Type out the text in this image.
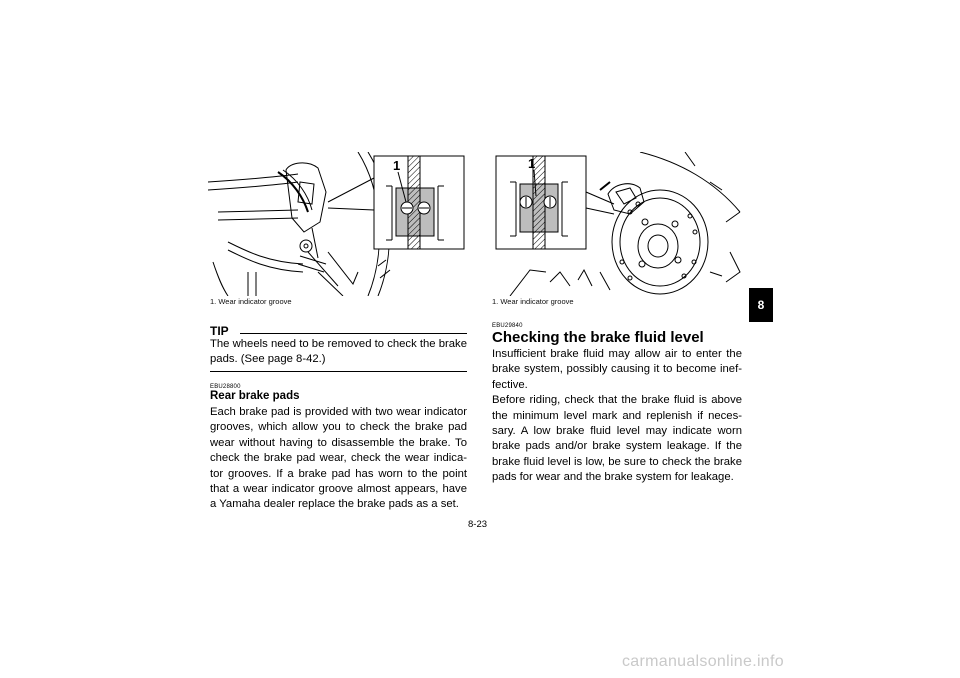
1
1. Wear indicator groove
TIP
The wheels need to be removed to check the brake pads. (See page 8-42.)
EBU28800
Rear brake pads
Each brake pad is provided with two wear indicator grooves, which allow you to check the brake pad wear without having to disassemble the brake. To check the brake pad wear, check the wear indica-tor grooves. If a brake pad has worn to the point that a wear indicator groove almost appears, have a Yamaha dealer replace the brake pads as a set.
1
1. Wear indicator groove
EBU29840
Checking the brake fluid level

Insufficient brake fluid may allow air to enter the brake system, possibly causing it to become inef-fective.

Before riding, check that the brake fluid is above the minimum level mark and replenish if neces-sary. A low brake fluid level may indicate worn brake pads and/or brake system leakage. If the brake fluid level is low, be sure to check the brake pads for wear and the brake system for leakage.

8
8-23
carmanualsonline.info
